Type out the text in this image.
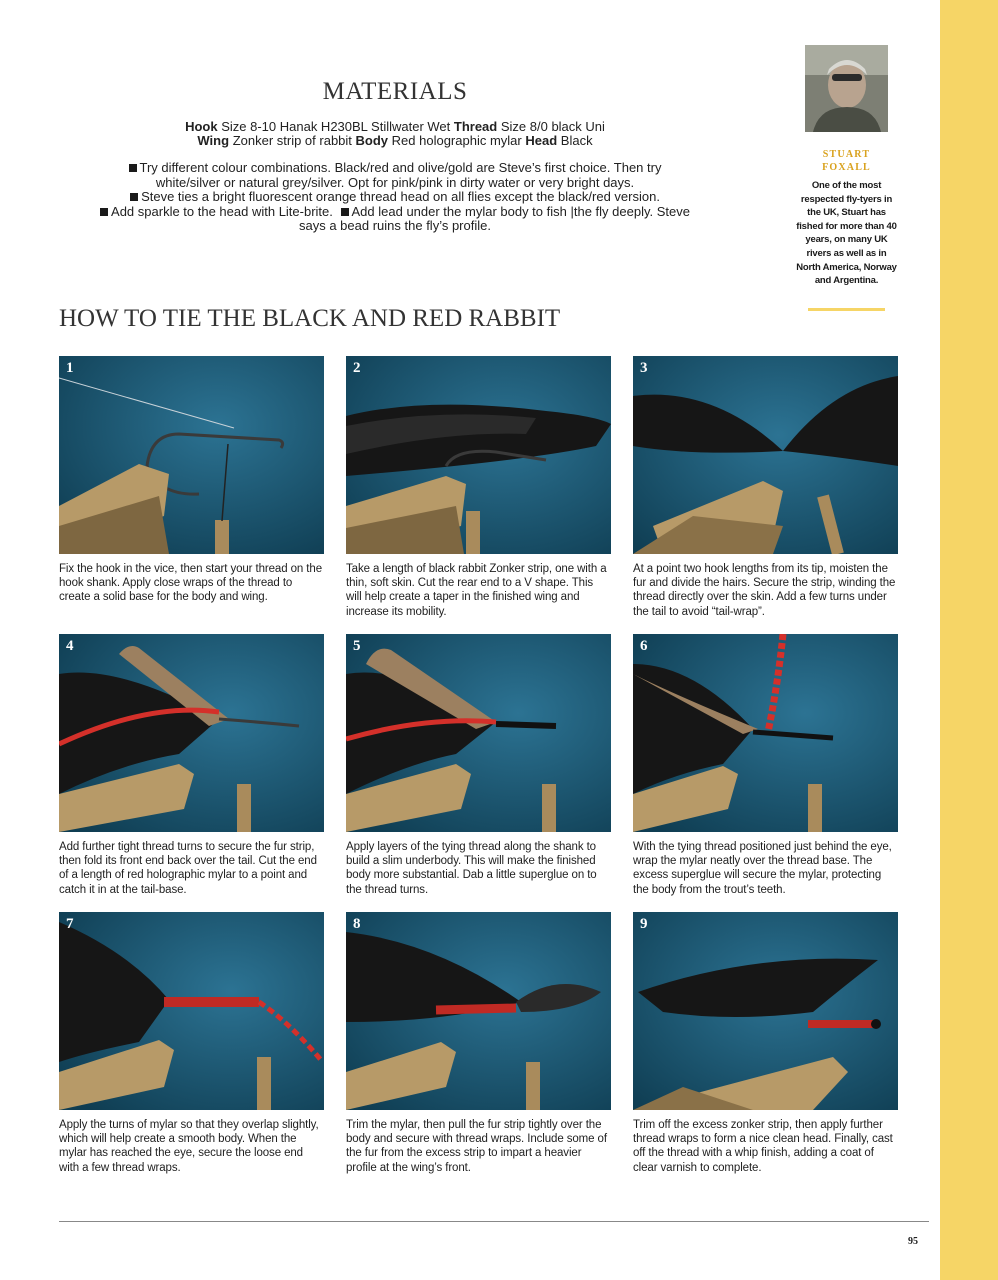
MATERIALS
Hook Size 8-10 Hanak H230BL Stillwater Wet Thread Size 8/0 black Uni
Wing Zonker strip of rabbit Body Red holographic mylar Head Black
Try different colour combinations. Black/red and olive/gold are Steve’s first choice. Then try white/silver or natural grey/silver. Opt for pink/pink in dirty water or very bright days.
Steve ties a bright fluorescent orange thread head on all flies except the black/red version.
Add sparkle to the head with Lite-brite. Add lead under the mylar body to fish |the fly deeply. Steve says a bead ruins the fly’s profile.
STUART
FOXALL
One of the most respected fly-tyers in the UK, Stuart has fished for more than 40 years, on many UK rivers as well as in North America, Norway and Argentina.
HOW TO TIE THE BLACK AND RED RABBIT
1
Fix the hook in the vice, then start your thread on the hook shank. Apply close wraps of the thread to create a solid base for the body and wing.
2
Take a length of black rabbit Zonker strip, one with a thin, soft skin. Cut the rear end to a V shape. This will help create a taper in the finished wing and increase its mobility.
3
At a point two hook lengths from its tip, moisten the fur and divide the hairs. Secure the strip, winding the thread directly over the skin. Add a few turns under the tail to avoid “tail-wrap”.
4
Add further tight thread turns to secure the fur strip, then fold its front end back over the tail. Cut the end of a length of red holographic mylar to a point and catch it in at the tail-base.
5
Apply layers of the tying thread along the shank to build a slim underbody. This will make the finished body more substantial. Dab a little superglue on to the thread turns.
6
With the tying thread positioned just behind the eye, wrap the mylar neatly over the thread base. The excess superglue will secure the mylar, protecting the body from the trout’s teeth.
7
Apply the turns of mylar so that they overlap slightly, which will help create a smooth body. When the mylar has reached the eye, secure the loose end with a few thread wraps.
8
Trim the mylar, then pull the fur strip tightly over the body and secure with thread wraps. Include some of the fur from the excess strip to impart a heavier profile at the wing’s front.
9
Trim off the excess zonker strip, then apply further thread wraps to form a nice clean head. Finally, cast off the thread with a whip finish, adding a coat of clear varnish to complete.
95
